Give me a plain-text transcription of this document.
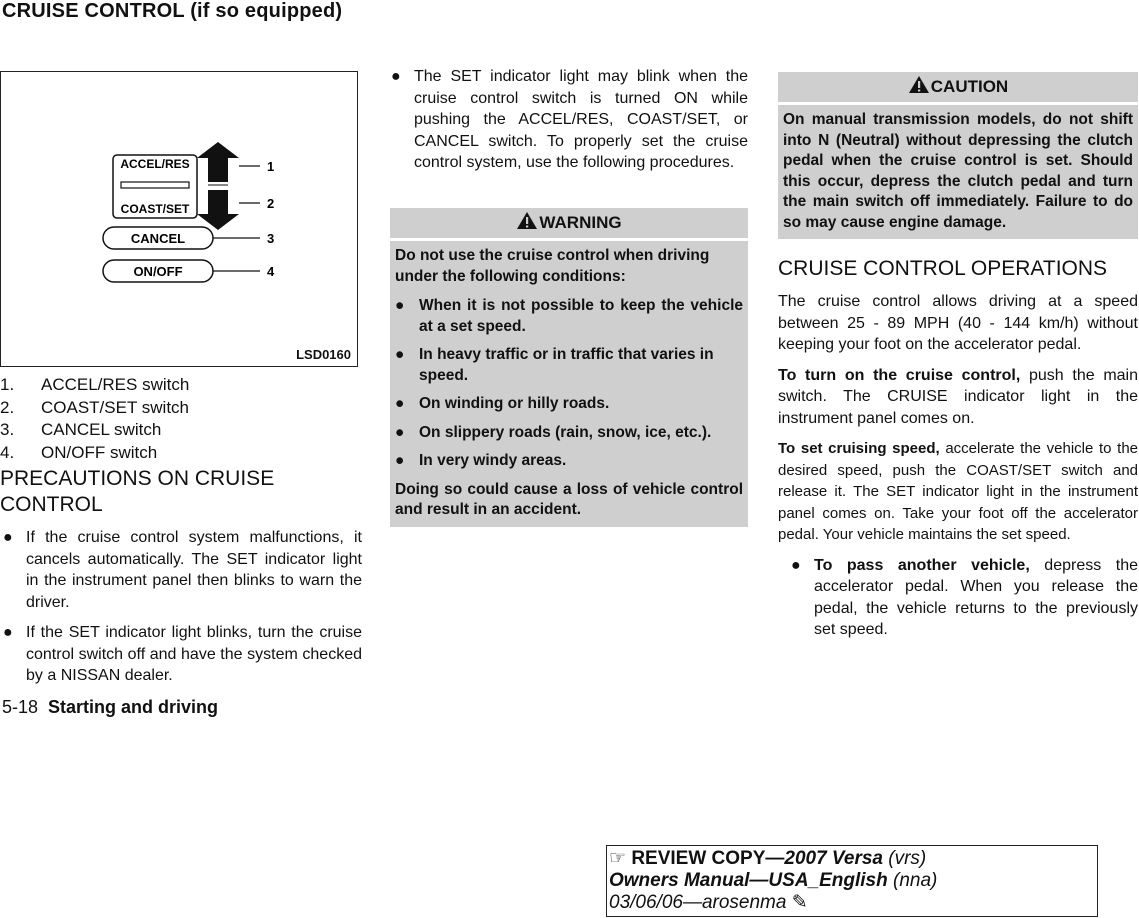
CRUISE CONTROL (if so equipped)
ACCEL/RES
COAST/SET
1
2
3
4
CANCEL
ON/OFF
LSD0160
1.	ACCEL/RES switch
2.	COAST/SET switch
3.	CANCEL switch
4.	ON/OFF switch
PRECAUTIONS ON CRUISE CONTROL
● If the cruise control system malfunctions, it cancels automatically. The SET indicator light in the instrument panel then blinks to warn the driver.
● If the SET indicator light blinks, turn the cruise control switch off and have the system checked by a NISSAN dealer.
5-18 Starting and driving
● The SET indicator light may blink when the cruise control switch is turned ON while pushing the ACCEL/RES, COAST/SET, or CANCEL switch. To properly set the cruise control system, use the following procedures.
WARNING
Do not use the cruise control when driving under the following conditions:
● When it is not possible to keep the vehicle at a set speed.
● In heavy traffic or in traffic that varies in speed.
● On winding or hilly roads.
● On slippery roads (rain, snow, ice, etc.).
● In very windy areas.
Doing so could cause a loss of vehicle control and result in an accident.
CAUTION
On manual transmission models, do not shift into N (Neutral) without depressing the clutch pedal when the cruise control is set. Should this occur, depress the clutch pedal and turn the main switch off immediately. Failure to do so may cause engine damage.
CRUISE CONTROL OPERATIONS

The cruise control allows driving at a speed between 25 - 89 MPH (40 - 144 km/h) without keeping your foot on the accelerator pedal.

To turn on the cruise control, push the main switch. The CRUISE indicator light in the instrument panel comes on.

To set cruising speed, accelerate the vehicle to the desired speed, push the COAST/SET switch and release it. The SET indicator light in the instrument panel comes on. Take your foot off the accelerator pedal. Your vehicle maintains the set speed.

● To pass another vehicle, depress the accelerator pedal. When you release the pedal, the vehicle returns to the previously set speed.
☞ REVIEW COPY—2007 Versa (vrs)
Owners Manual—USA_English (nna)
03/06/06—arosenma ✎
